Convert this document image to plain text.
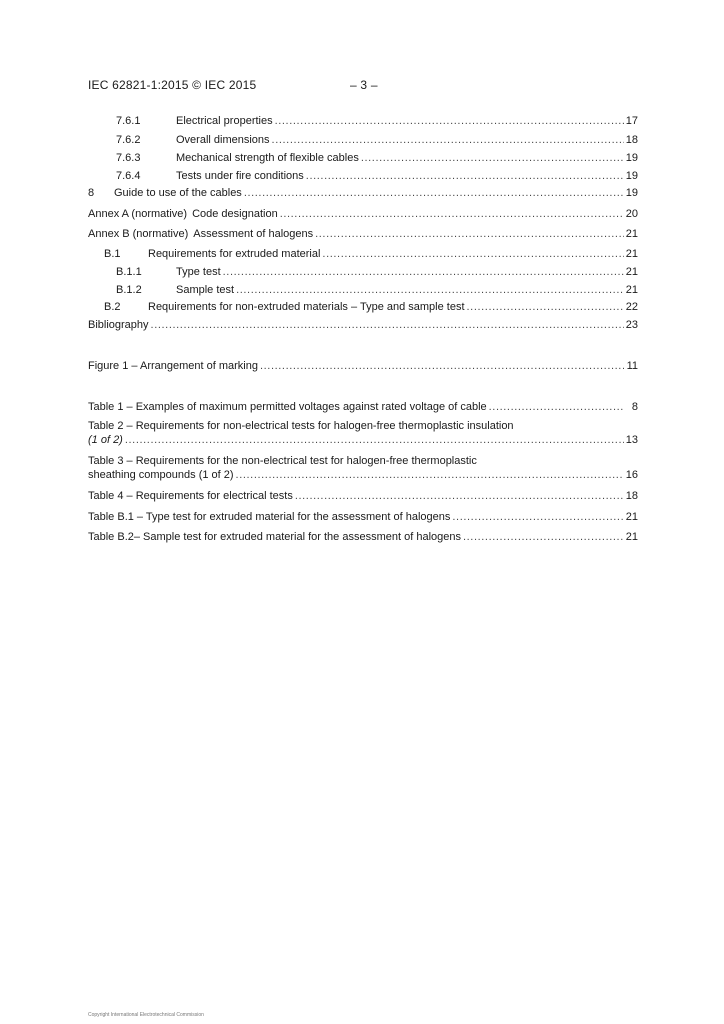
IEC 62821-1:2015 © IEC 2015	– 3 –
7.6.1	Electrical properties .....	17
7.6.2	Overall dimensions .....	18
7.6.3	Mechanical strength of flexible cables .....	19
7.6.4	Tests under fire conditions .....	19
8	Guide to use of the cables .....	19
Annex A (normative) Code designation .....	20
Annex B (normative) Assessment of halogens .....	21
B.1	Requirements for extruded material .....	21
B.1.1	Type test .....	21
B.1.2	Sample test .....	21
B.2	Requirements for non-extruded materials – Type and sample test .....	22
Bibliography .....	23
Figure 1 – Arrangement of marking .....	11
Table 1 – Examples of maximum permitted voltages against rated voltage of cable .....	8
Table 2 – Requirements for non-electrical tests for halogen-free thermoplastic insulation
(1 of 2) .....	13
Table 3 – Requirements for the non-electrical test for halogen-free thermoplastic
sheathing compounds (1 of 2) .....	16
Table 4 – Requirements for electrical tests .....	18
Table B.1 – Type test for extruded material for the assessment of halogens .....	21
Table B.2– Sample test for extruded material for the assessment of halogens .....	21
Copyright International Electrotechnical Commission
